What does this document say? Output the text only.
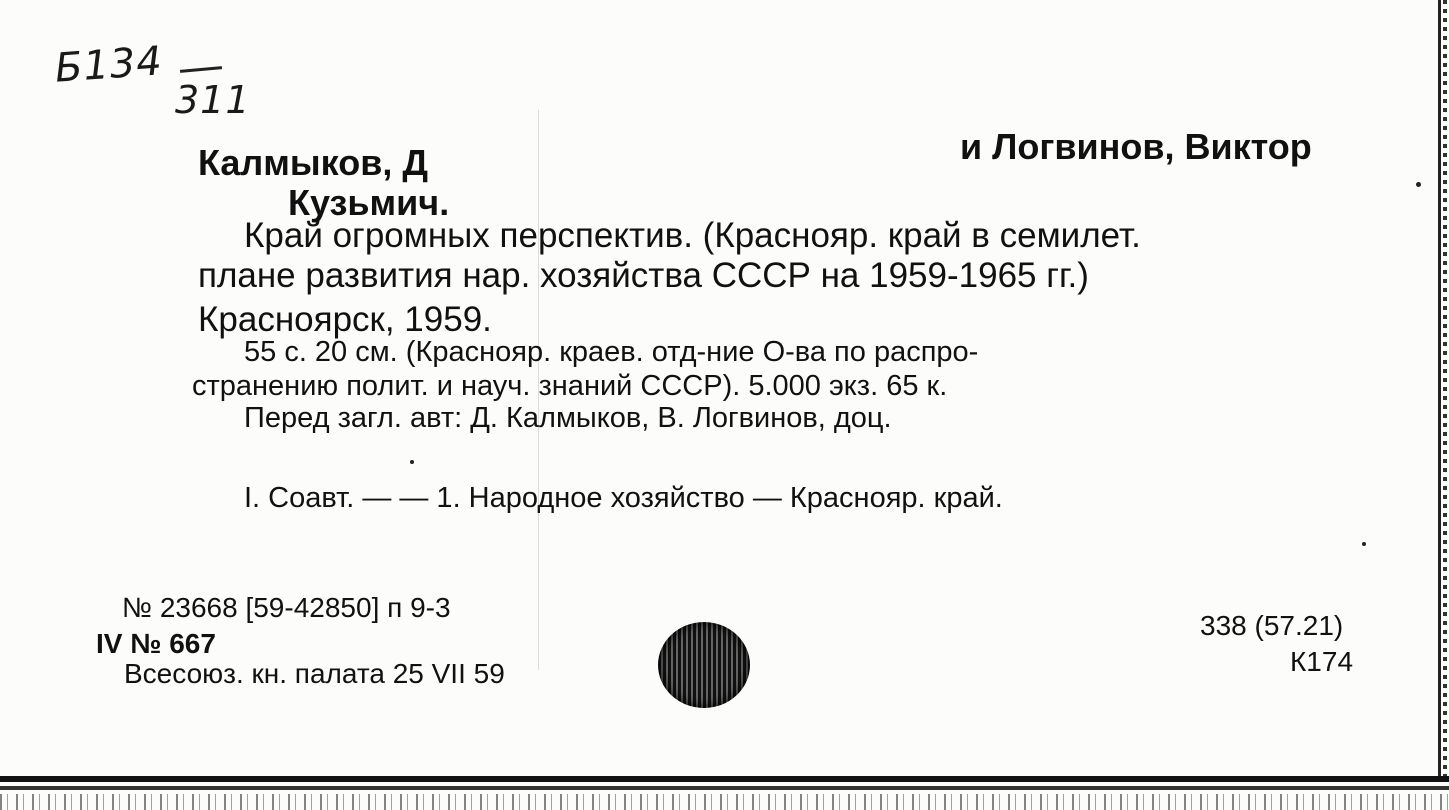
Б134
311
Калмыков, Д	и Логвинов, Виктор
Кузьмич.
Край огромных перспектив. (Краснояр. край в семилет.
плане развития нар. хозяйства СССР на 1959-1965 гг.)
Красноярск, 1959.
55 с. 20 см. (Краснояр. краев. отд-ние О-ва по распро-
странению полит. и науч. знаний СССР). 5.000 экз. 65 к.
Перед загл. авт: Д. Калмыков, В. Логвинов, доц.
I. Соавт. — — 1. Народное хозяйство — Краснояр. край.
№ 23668 [59-42850] п 9-3
IV № 667
Всесоюз. кн. палата 25 VII 59
338 (57.21)
К174
